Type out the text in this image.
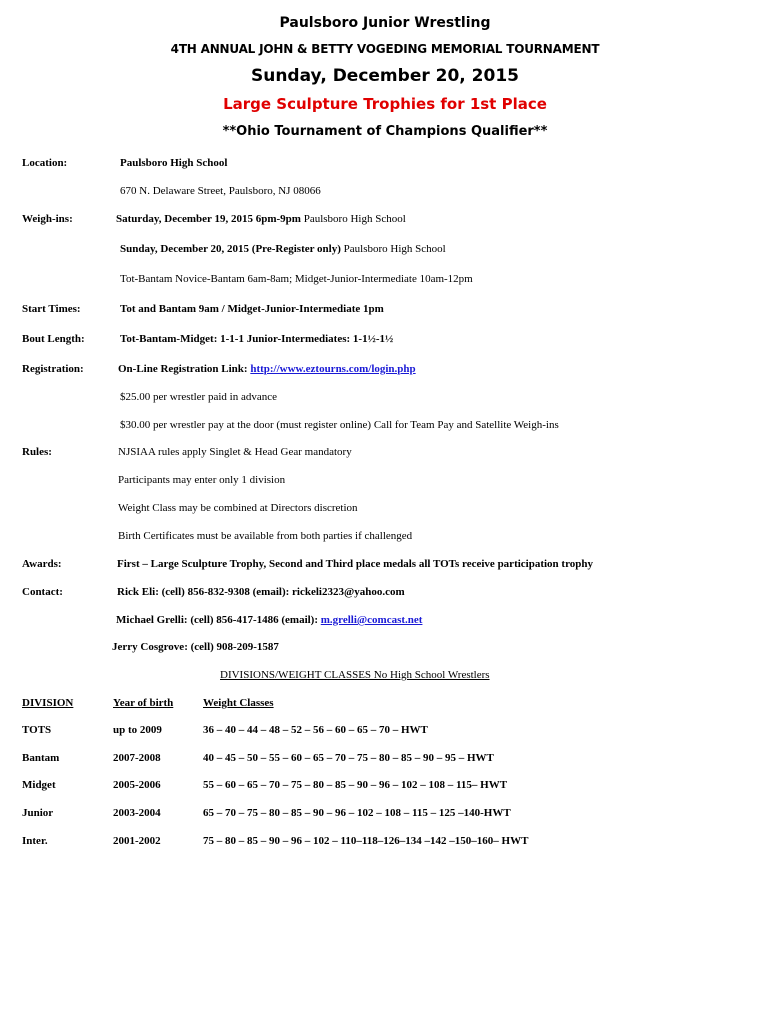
Paulsboro Junior Wrestling
4TH ANNUAL JOHN & BETTY VOGEDING MEMORIAL TOURNAMENT
Sunday, December 20, 2015
Large Sculpture Trophies for 1st Place
**Ohio Tournament of Champions Qualifier**
Location:	Paulsboro High School
670 N. Delaware Street, Paulsboro, NJ 08066
Weigh-ins:	Saturday, December 19, 2015 6pm-9pm Paulsboro High School
Sunday, December 20, 2015 (Pre-Register only) Paulsboro High School
Tot-Bantam Novice-Bantam 6am-8am; Midget-Junior-Intermediate 10am-12pm
Start Times:	Tot and Bantam 9am / Midget-Junior-Intermediate 1pm
Bout Length:	Tot-Bantam-Midget: 1-1-1 Junior-Intermediates: 1-1½-1½
Registration:	On-Line Registration Link: http://www.eztourns.com/login.php
$25.00 per wrestler paid in advance
$30.00 per wrestler pay at the door (must register online) Call for Team Pay and Satellite Weigh-ins
Rules:	NJSIAA rules apply Singlet & Head Gear mandatory
Participants may enter only 1 division
Weight Class may be combined at Directors discretion
Birth Certificates must be available from both parties if challenged
Awards:	First – Large Sculpture Trophy, Second and Third place medals all TOTs receive participation trophy
Contact:	Rick Eli: (cell) 856-832-9308 (email): rickeli2323@yahoo.com
Michael Grelli: (cell) 856-417-1486 (email): m.grelli@comcast.net
Jerry Cosgrove: (cell) 908-209-1587
DIVISIONS/WEIGHT CLASSES No High School Wrestlers
DIVISION	Year of birth	Weight Classes
TOTS	up to 2009	36 – 40 – 44 – 48 – 52 – 56 – 60 – 65 – 70 – HWT
Bantam	2007-2008	40 – 45 – 50 – 55 – 60 – 65 – 70 – 75 – 80 – 85 – 90 – 95 – HWT
Midget	2005-2006	55 – 60 – 65 – 70 – 75 – 80 – 85 – 90 – 96 – 102 – 108 – 115– HWT
Junior	2003-2004	65 – 70 – 75 – 80 – 85 – 90 – 96 – 102 – 108 – 115 – 125 –140-HWT
Inter.	2001-2002	75 – 80 – 85 – 90 – 96 – 102 – 110–118–126–134 –142 –150–160– HWT
